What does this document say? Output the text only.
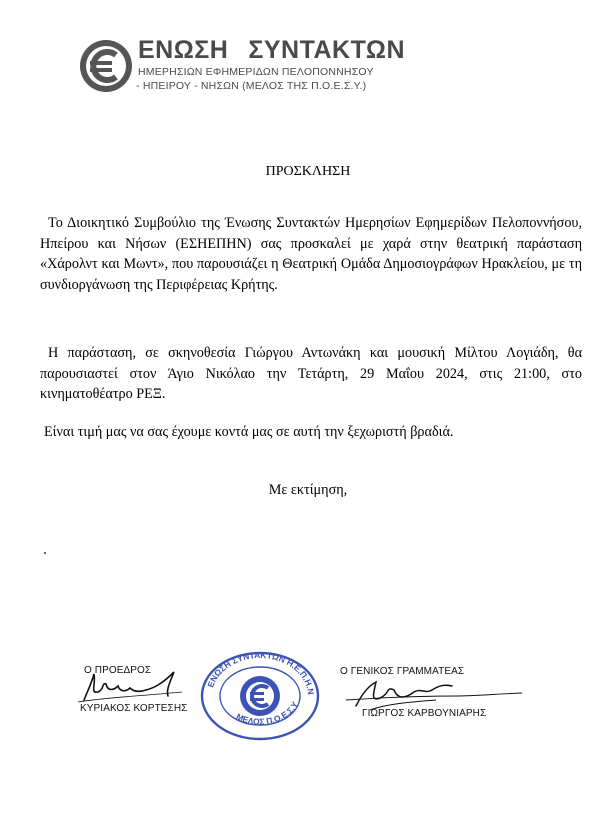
ΕΝΩΣΗ ΣΥΝΤΑΚΤΩΝ
ΗΜΕΡΗΣΙΩΝ ΕΦΗΜΕΡΙΔΩΝ ΠΕΛΟΠΟΝΝΗΣΟΥ
- ΗΠΕΙΡΟΥ - ΝΗΣΩΝ (ΜΕΛΟΣ ΤΗΣ Π.Ο.Ε.Σ.Υ.)
ΠΡΟΣΚΛΗΣΗ

Το Διοικητικό Συμβούλιο της Ένωσης Συντακτών Ημερησίων Εφημερίδων Πελοποννήσου, Ηπείρου και Νήσων (ΕΣΗΕΠΗΝ) σας προσκαλεί με χαρά στην θεατρική παράσταση «Χάρολντ και Μωντ», που παρουσιάζει η Θεατρική Ομάδα Δημοσιογράφων Ηρακλείου, με τη συνδιοργάνωση της Περιφέρειας Κρήτης.

Η παράσταση, σε σκηνοθεσία Γιώργου Αντωνάκη και μουσική Μίλτου Λογιάδη, θα παρουσιαστεί στον Άγιο Νικόλαο την Τετάρτη, 29 Μαΐου 2024, στις 21:00, στο κινηματοθέατρο ΡΕΞ.

Είναι τιμή μας να σας έχουμε κοντά μας σε αυτή την ξεχωριστή βραδιά.

Με εκτίμηση,
Ο ΠΡΟΕΔΡΟΣ
ΚΥΡΙΑΚΟΣ ΚΟΡΤΕΣΗΣ
ΕΝΩΣΗ ΣΥΝΤΑΚΤΩΝ Η.Ε.Π.Η.Ν
ΜΕΛΟΣ Π.Ο.Ε.Σ.Υ
Ο ΓΕΝΙΚΟΣ ΓΡΑΜΜΑΤΕΑΣ
ΓΙΩΡΓΟΣ ΚΑΡΒΟΥΝΙΑΡΗΣ
